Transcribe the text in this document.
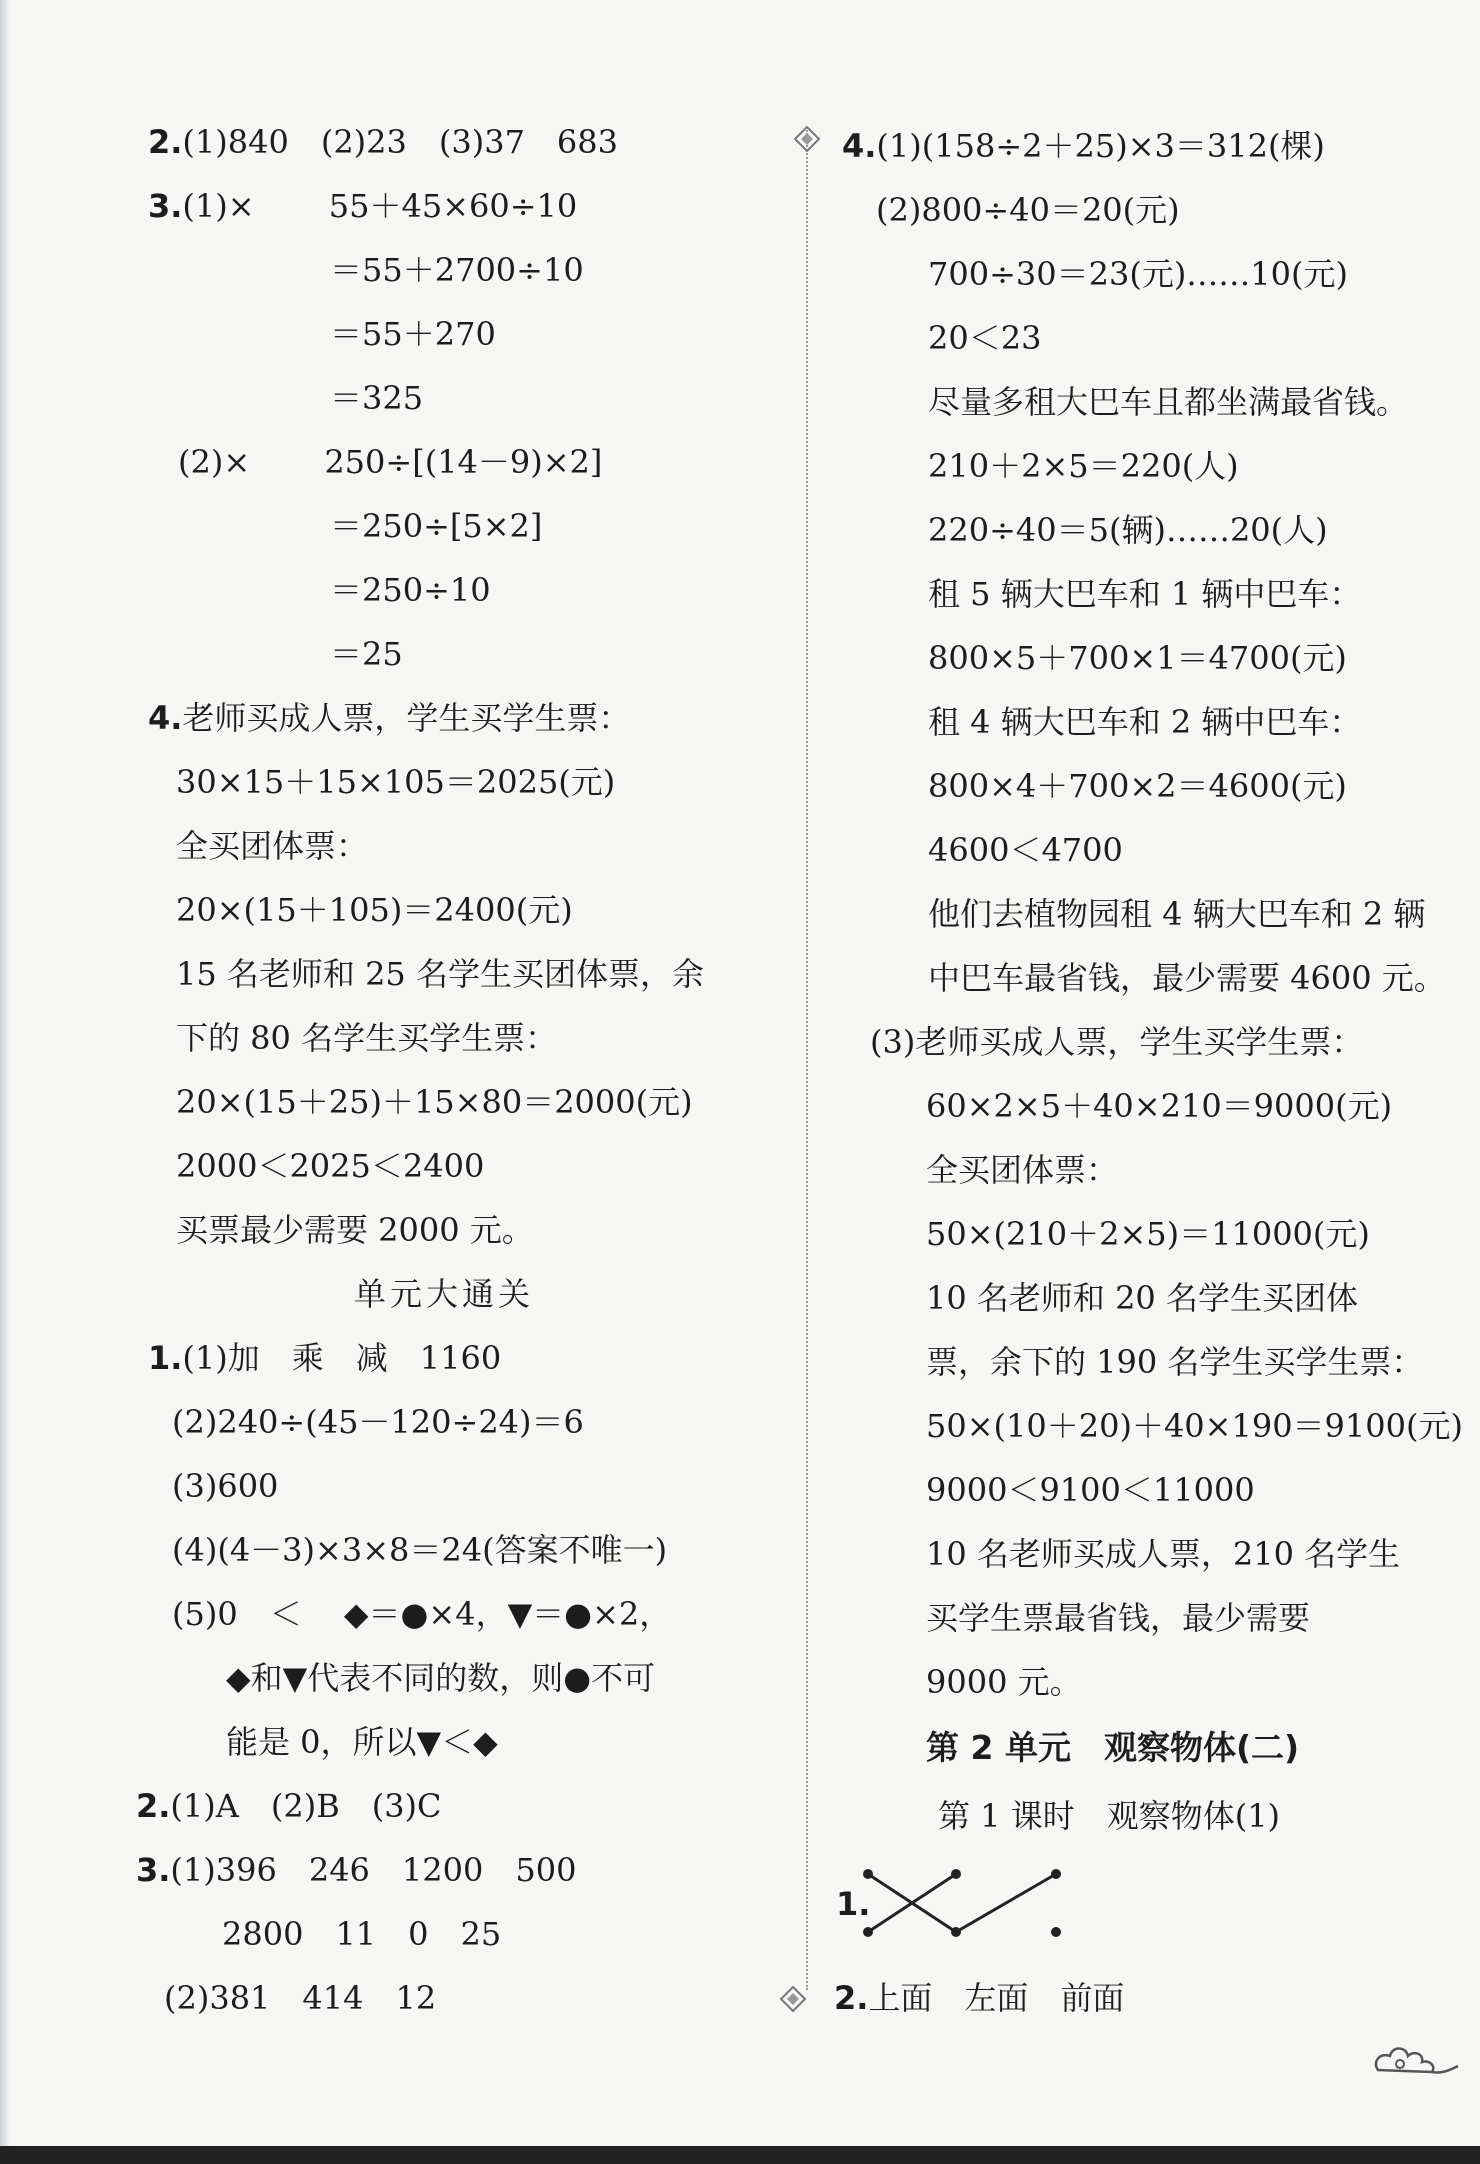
2.(1)840　(2)23　(3)37　683
3.(1)×　　 55＋45×60÷10
＝55＋2700÷10
＝55＋270
＝325
(2)×　　 250÷[(14－9)×2]
＝250÷[5×2]
＝250÷10
＝25
4.老师买成人票，学生买学生票：
30×15＋15×105＝2025(元)
全买团体票：
20×(15＋105)＝2400(元)
15 名老师和 25 名学生买团体票，余
下的 80 名学生买学生票：
20×(15＋25)＋15×80＝2000(元)
2000＜2025＜2400
买票最少需要 2000 元。
单元大通关
1.(1)加　乘　减　1160
(2)240÷(45－120÷24)＝6
(3)600
(4)(4－3)×3×8＝24(答案不唯一)
(5)0　＜　 ◆＝●×4，▼＝●×2，
◆和▼代表不同的数，则●不可
能是 0，所以▼＜◆
2.(1)A　(2)B　(3)C
3.(1)396　246　1200　500
2800　11　0　25
(2)381　414　12
4.(1)(158÷2＋25)×3＝312(棵)
(2)800÷40＝20(元)
700÷30＝23(元)……10(元)
20＜23
尽量多租大巴车且都坐满最省钱。
210＋2×5＝220(人)
220÷40＝5(辆)……20(人)
租 5 辆大巴车和 1 辆中巴车：
800×5＋700×1＝4700(元)
租 4 辆大巴车和 2 辆中巴车：
800×4＋700×2＝4600(元)
4600＜4700
他们去植物园租 4 辆大巴车和 2 辆
中巴车最省钱，最少需要 4600 元。
(3)老师买成人票，学生买学生票：
60×2×5＋40×210＝9000(元)
全买团体票：
50×(210＋2×5)＝11000(元)
10 名老师和 20 名学生买团体
票，余下的 190 名学生买学生票：
50×(10＋20)＋40×190＝9100(元)
9000＜9100＜11000
10 名老师买成人票，210 名学生
买学生票最省钱，最少需要
9000 元。
第 2 单元　观察物体(二)
第 1 课时　观察物体(1)
1.
2.上面　左面　前面
